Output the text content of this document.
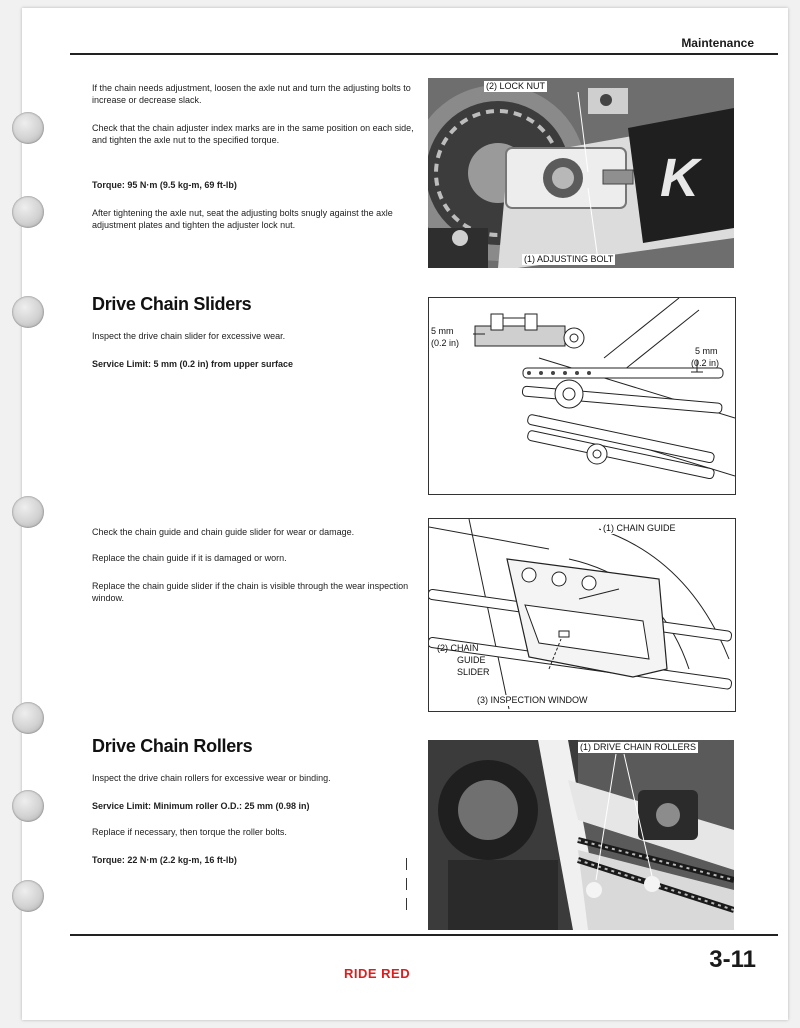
Maintenance
If the chain needs adjustment, loosen the axle nut and turn the adjusting bolts to increase or decrease slack.
Check that the chain adjuster index marks are in the same position on each side, and tighten the axle nut to the specified torque.
Torque: 95 N·m (9.5 kg-m, 69 ft-lb)
After tightening the axle nut, seat the adjusting bolts snugly against the axle adjustment plates and tighten the adjuster lock nut.
K
(2) LOCK NUT
(1) ADJUSTING BOLT
Drive Chain Sliders
Inspect the drive chain slider for excessive wear.
Service Limit: 5 mm (0.2 in) from upper surface
5 mm
(0.2 in)
5 mm
(0.2 in)
Check the chain guide and chain guide slider for wear or damage.
Replace the chain guide if it is damaged or worn.
Replace the chain guide slider if the chain is visible through the wear inspection window.
(1) CHAIN GUIDE
(2) CHAIN
GUIDE
SLIDER
(3) INSPECTION WINDOW
Drive Chain Rollers
Inspect the drive chain rollers for excessive wear or binding.
Service Limit: Minimum roller O.D.: 25 mm (0.98 in)
Replace if necessary, then torque the roller bolts.
Torque: 22 N·m (2.2 kg-m, 16 ft-lb)
(1) DRIVE CHAIN ROLLERS
3-11
RIDE RED
